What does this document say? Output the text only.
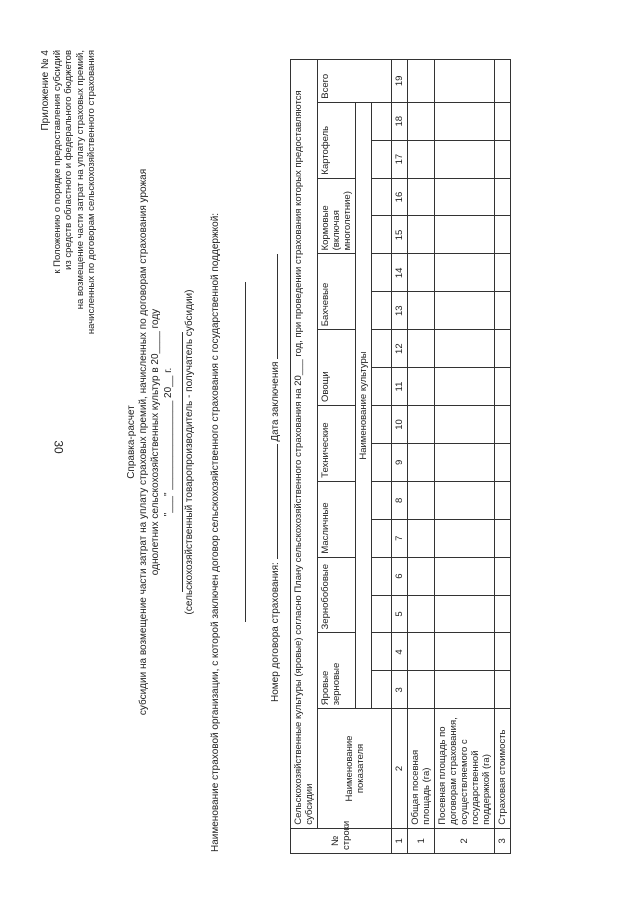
30
Приложение № 4 к Положению о порядке предоставления субсидий из средств областного и федерального бюджетов на возмещение части затрат на уплату страховых премий, начисленных по договорам сельскохозяйственного страхования
Справка-расчет субсидии на возмещение части затрат на уплату страховых премий, начисленных по договорам страхования урожая однолетних сельскохозяйственных культур в 20____ году "___" ________________ 20__ г. (сельскохозяйственный товаропроизводитель - получатель субсидии) Наименование страховой организации, с которой заключен договор сельскохозяйственного страхования с государственной поддержкой:	Номер договора страхования:  Дата заключения
№ строки	Сельскохозяйственные культуры (яровые) согласно Плану сельскохозяйственного страхования на 20___ год, при проведении страхования которых предоставляются субсидии																	
	Наименование показателя	Яровые зерновые		Зернобобовые		Масличные		Технические		Овощи		Бахчевые		Кормовые (включая многолетние)		Картофель		Всего
		Наименование культуры																

1	2	3	4	5	6	7	8	9	10	11	12	13	14	15	16	17	18	19
1	Общая посевная площадь (га)																	
2	Посевная площадь по договорам страхования, осуществляемого с государственной поддержкой (га)																	
3	Страховая стоимость																	
